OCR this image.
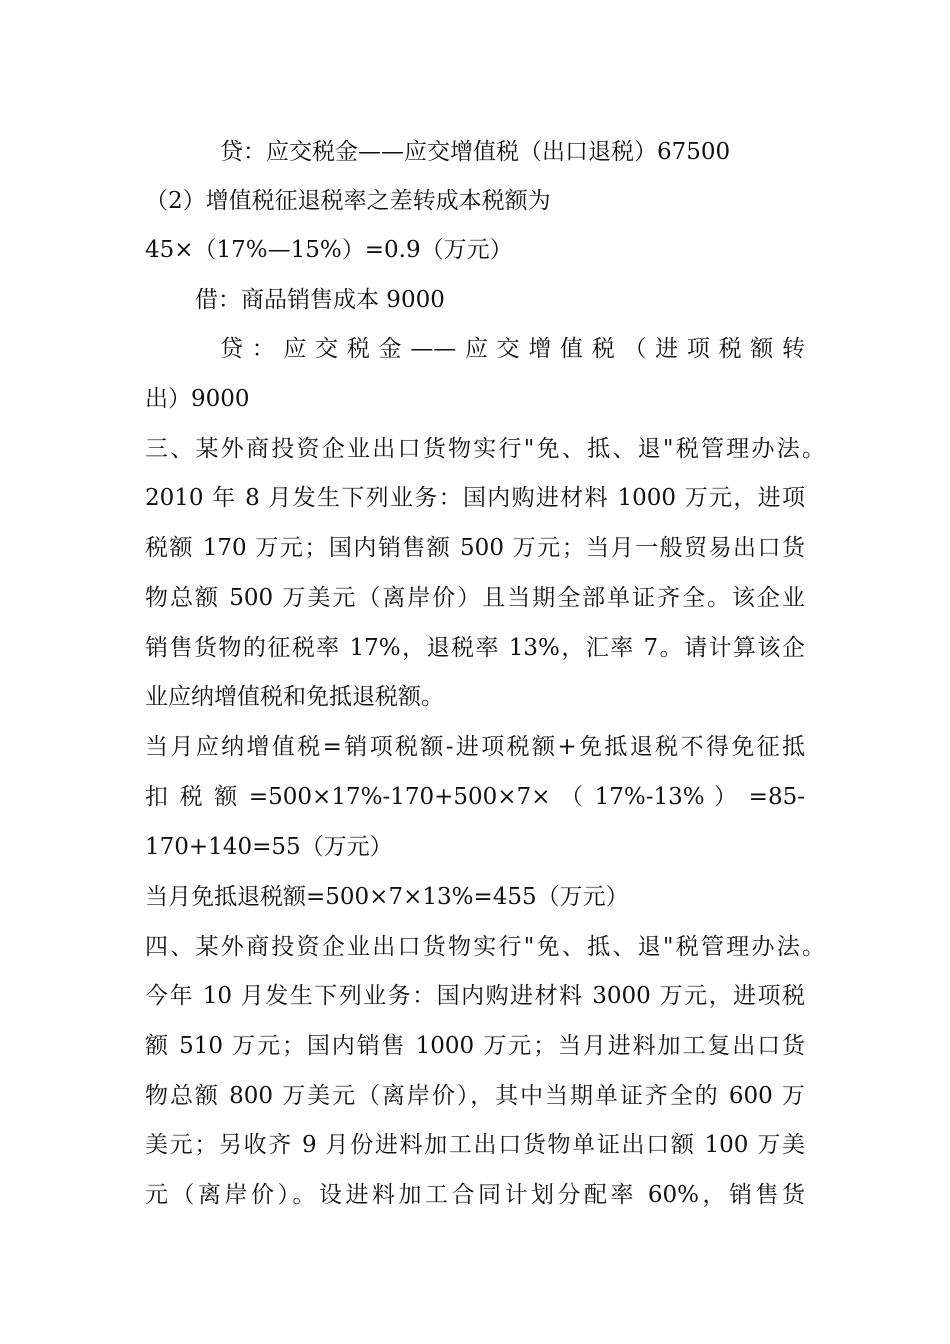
贷：应交税金——应交增值税（出口退税）67500
（2）增值税征退税率之差转成本税额为
45×（17%—15%）=0.9（万元）
借：商品销售成本 9000
贷：应交税金——应交增值税（进项税额转
出）9000
三、某外商投资企业出口货物实行"免、抵、退"税管理办法。
2010 年 8 月发生下列业务：国内购进材料 1000 万元，进项
税额 170 万元；国内销售额 500 万元；当月一般贸易出口货
物总额 500 万美元（离岸价）且当期全部单证齐全。该企业
销售货物的征税率 17%，退税率 13%，汇率 7。请计算该企
业应纳增值税和免抵退税额。
当月应纳增值税=销项税额-进项税额+免抵退税不得免征抵
扣 税 额 =500×17%-170+500×7× （ 17%-13% ） =85-
170+140=55（万元）
当月免抵退税额=500×7×13%=455（万元）
四、某外商投资企业出口货物实行"免、抵、退"税管理办法。
今年 10 月发生下列业务：国内购进材料 3000 万元，进项税
额 510 万元；国内销售 1000 万元；当月进料加工复出口货
物总额 800 万美元（离岸价），其中当期单证齐全的 600 万
美元；另收齐 9 月份进料加工出口货物单证出口额 100 万美
元（离岸价）。设进料加工合同计划分配率 60%，销售货
